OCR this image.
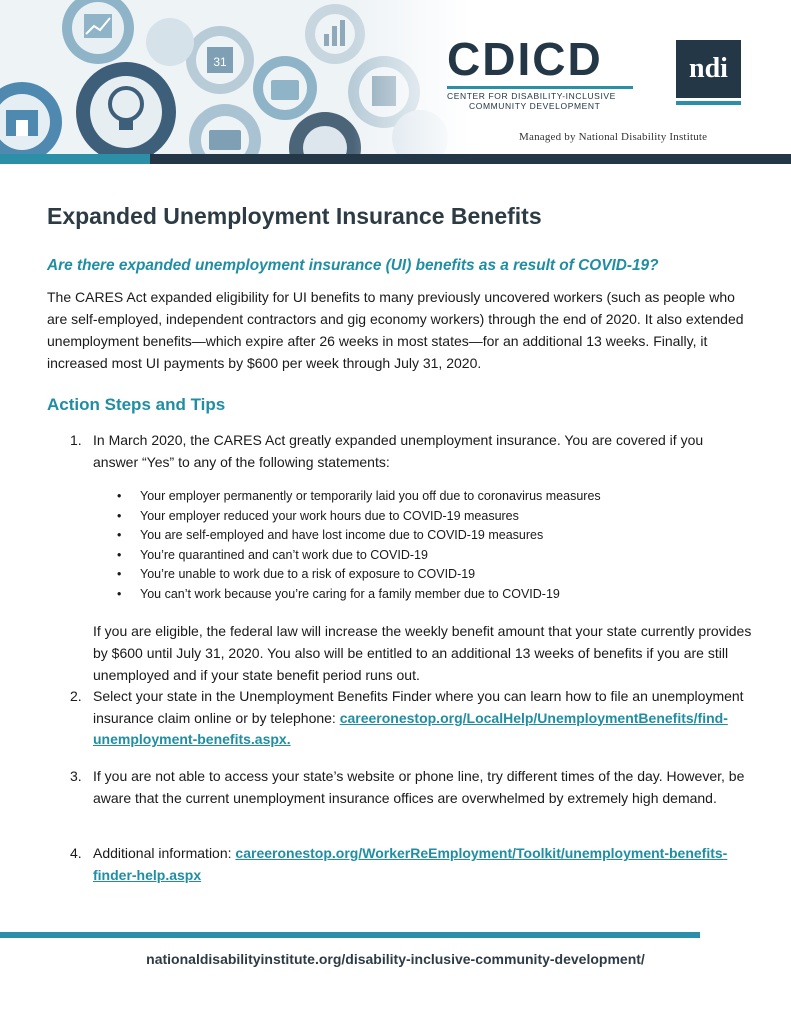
CDICD
CENTER FOR DISABILITY-INCLUSIVE
COMMUNITY DEVELOPMENT
ndi
Managed by National Disability Institute
Expanded Unemployment Insurance Benefits
Are there expanded unemployment insurance (UI) benefits as a result of COVID-19?
The CARES Act expanded eligibility for UI benefits to many previously uncovered workers (such as people who are self-employed, independent contractors and gig economy workers) through the end of 2020. It also extended unemployment benefits—which expire after 26 weeks in most states—for an additional 13 weeks. Finally, it increased most UI payments by $600 per week through July 31, 2020.
Action Steps and Tips
1. In March 2020, the CARES Act greatly expanded unemployment insurance. You are covered if you answer “Yes” to any of the following statements:
• Your employer permanently or temporarily laid you off due to coronavirus measures
• Your employer reduced your work hours due to COVID-19 measures
• You are self-employed and have lost income due to COVID-19 measures
• You’re quarantined and can’t work due to COVID-19
• You’re unable to work due to a risk of exposure to COVID-19
• You can’t work because you’re caring for a family member due to COVID-19
If you are eligible, the federal law will increase the weekly benefit amount that your state currently provides by $600 until July 31, 2020. You also will be entitled to an additional 13 weeks of benefits if you are still unemployed and if your state benefit period runs out.
2. Select your state in the Unemployment Benefits Finder where you can learn how to file an unemployment insurance claim online or by telephone: careeronestop.org/LocalHelp/UnemploymentBenefits/find-unemployment-benefits.aspx.
3. If you are not able to access your state’s website or phone line, try different times of the day. However, be aware that the current unemployment insurance offices are overwhelmed by extremely high demand.
4. Additional information: careeronestop.org/WorkerReEmployment/Toolkit/unemployment-benefits-finder-help.aspx
nationaldisabilityinstitute.org/disability-inclusive-community-development/
